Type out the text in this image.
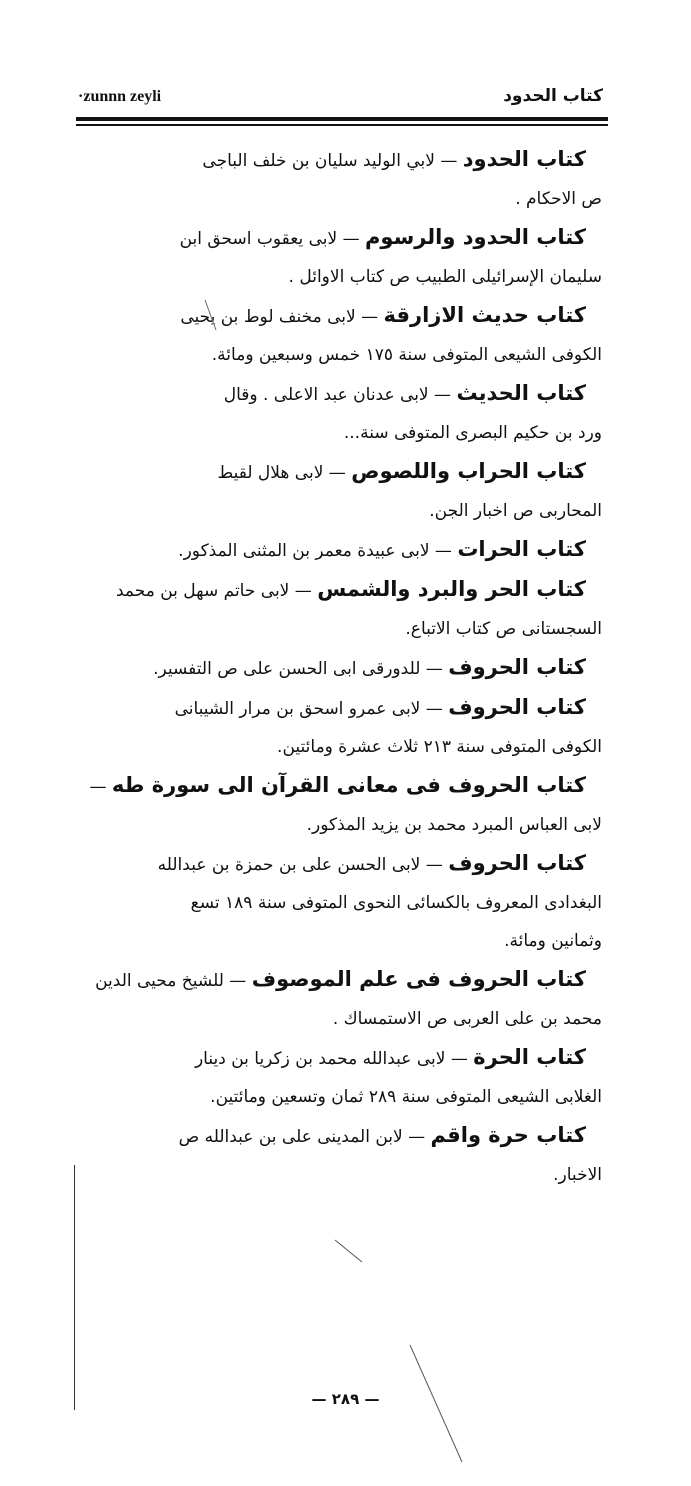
·zunnn zeyli	كتاب الحدود
كتاب الحدود — لابي الوليد سليان بن خلف الباجى
ص الاحكام .
كتاب الحدود والرسوم — لابى يعقوب اسحق ابن
سليمان الإسرائيلى الطبيب ص كتاب الاوائل .
كتاب حديث الازارقة — لابى مخنف لوط بن يحيى
الكوفى الشيعى المتوفى سنة ١٧٥ خمس وسبعين ومائة.
كتاب الحديث — لابى عدنان عبد الاعلى . وقال
ورد بن حكيم البصرى المتوفى سنة...
كتاب الحراب واللصوص — لابى هلال لقيط
المحاربى ص اخبار الجن.
كتاب الحرات — لابى عبيدة معمر بن المثنى المذكور.
كتاب الحر والبرد والشمس — لابى حاتم سهل بن محمد
السجستانى ص كتاب الاتباع.
كتاب الحروف — للدورقى ابى الحسن على ص التفسير.
كتاب الحروف — لابى عمرو اسحق بن مرار الشيبانى
الكوفى المتوفى سنة ٢١٣ ثلاث عشرة ومائتين.
كتاب الحروف فى معانى القرآن الى سورة طه —
لابى العباس المبرد محمد بن يزيد المذكور.
كتاب الحروف — لابى الحسن على بن حمزة بن عبدالله
البغدادى المعروف بالكسائى النحوى المتوفى سنة ١٨٩ تسع
وثمانين ومائة.
كتاب الحروف فى علم الموصوف — للشيخ محيى الدين
محمد بن على العربى ص الاستمساك .
كتاب الحرة — لابى عبدالله محمد بن زكريا بن دينار
الغلابى الشيعى المتوفى سنة ٢٨٩ ثمان وتسعين ومائتين.
كتاب حرة واقم — لابن المدينى على بن عبدالله ص
الاخبار.
— ٢٨٩ —
